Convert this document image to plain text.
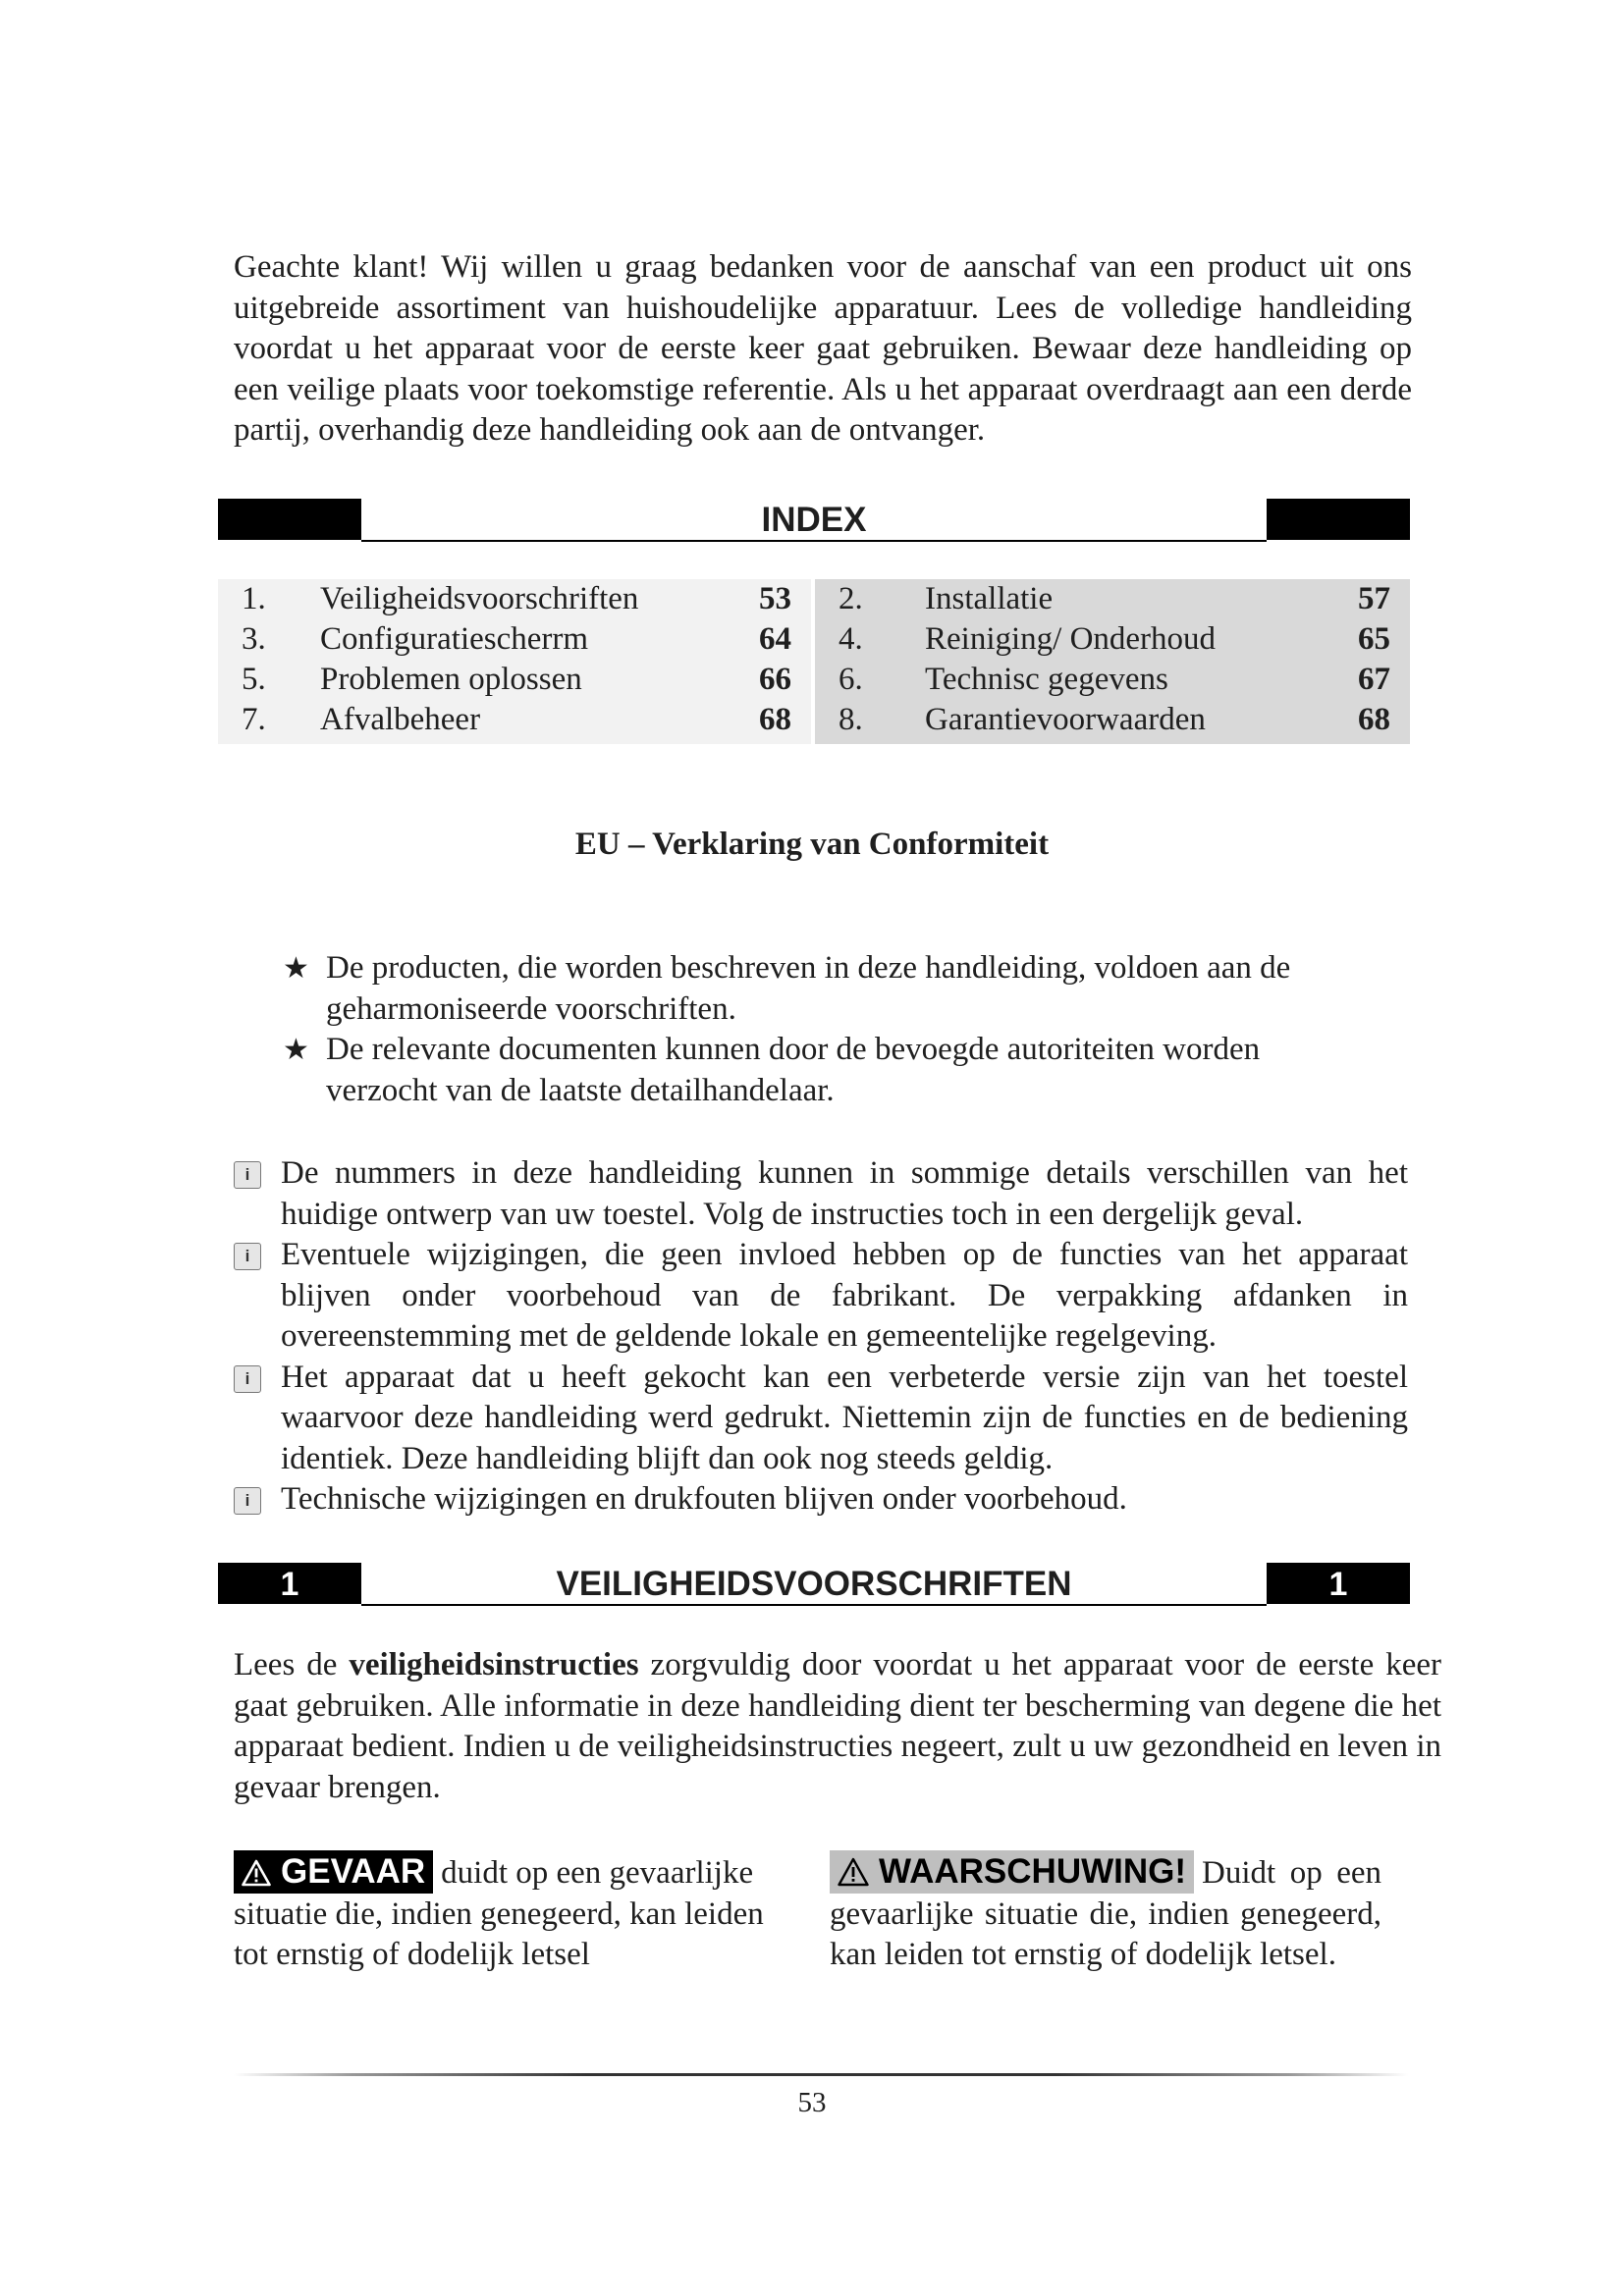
Geachte klant! Wij willen u graag bedanken voor de aanschaf van een product uit ons uitgebreide assortiment van huishoudelijke apparatuur. Lees de volledige handleiding voordat u het apparaat voor de eerste keer gaat gebruiken. Bewaar deze handleiding op een veilige plaats voor toekomstige referentie. Als u het apparaat overdraagt aan een derde partij, overhandig deze handleiding ook aan de ontvanger.
INDEX
1. Veiligheidsvoorschriften	53
3. Configuratiescherrm	64
5. Problemen oplossen	66
7. Afvalbeheer	68
2. Installatie	57
4. Reiniging/ Onderhoud	65
6. Technisc gegevens	67
8. Garantievoorwaarden	68
EU – Verklaring van Conformiteit
★ De producten, die worden beschreven in deze handleiding, voldoen aan de geharmoniseerde voorschriften.
★ De relevante documenten kunnen door de bevoegde autoriteiten worden verzocht van de laatste detailhandelaar.
i De nummers in deze handleiding kunnen in sommige details verschillen van het huidige ontwerp van uw toestel. Volg de instructies toch in een dergelijk geval.
i Eventuele wijzigingen, die geen invloed hebben op de functies van het apparaat blijven onder voorbehoud van de fabrikant. De verpakking afdanken in overeenstemming met de geldende lokale en gemeentelijke regelgeving.
i Het apparaat dat u heeft gekocht kan een verbeterde versie zijn van het toestel waarvoor deze handleiding werd gedrukt. Niettemin zijn de functies en de bediening identiek. Deze handleiding blijft dan ook nog steeds geldig.
i Technische wijzigingen en drukfouten blijven onder voorbehoud.
1	VEILIGHEIDSVOORSCHRIFTEN	1
Lees de veiligheidsinstructies zorgvuldig door voordat u het apparaat voor de eerste keer gaat gebruiken. Alle informatie in deze handleiding dient ter bescherming van degene die het apparaat bedient. Indien u de veiligheidsinstructies negeert, zult u uw gezondheid en leven in gevaar brengen.
GEVAAR duidt op een gevaarlijke situatie die, indien genegeerd, kan leiden tot ernstig of dodelijk letsel
WAARSCHUWING! Duidt op een gevaarlijke situatie die, indien genegeerd, kan leiden tot ernstig of dodelijk letsel.
53
